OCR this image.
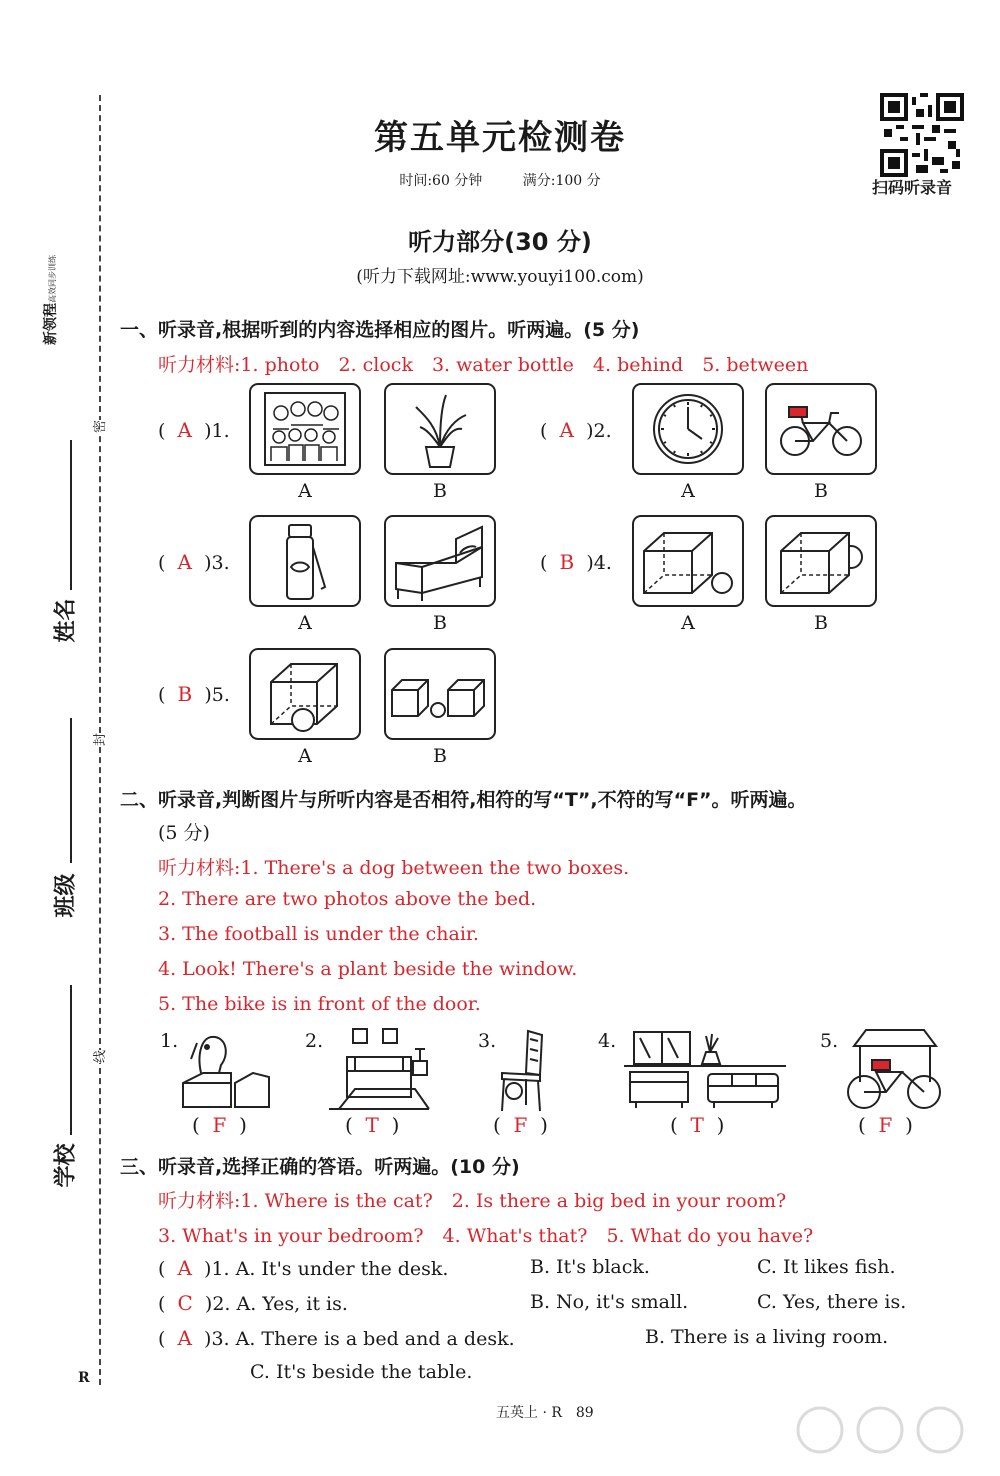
新领程高效同步训练
密
封
线
姓名
班级
学校
第五单元检测卷
时间:60 分钟	满分:100 分	扫码听录音
听力部分(30 分)
(听力下载网址:www.youyi100.com)
一、听录音,根据听到的内容选择相应的图片。听两遍。(5 分)
听力材料:1. photo　2. clock　3. water bottle　4. behind　5. between
( A )1.
A	B
( A )2.
A	B
( A )3.
A	B
( B )4.
A	B
( B )5.
A	B
二、听录音,判断图片与所听内容是否相符,相符的写“T”,不符的写“F”。听两遍。
(5 分)
听力材料:1. There's a dog between the two boxes.
2. There are two photos above the bed.
3. The football is under the chair.
4. Look! There's a plant beside the window.
5. The bike is in front of the door.
1.	2.	3.	4.	5.
(  F  )	(  T  )	(  F  )	(  T  )	(  F  )
三、听录音,选择正确的答语。听两遍。(10 分)
听力材料:1. Where is the cat?　2. Is there a big bed in your room?
3. What's in your bedroom?　4. What's that?　5. What do you have?
(  A )1. A. It's under the desk.	B. It's black.	C. It likes fish.
(  C )2. A. Yes, it is.	B. No, it's small.	C. Yes, there is.
(  A )3. A. There is a bed and a desk.	B. There is a living room.
C. It's beside the table.
R
五英上 · R　89
